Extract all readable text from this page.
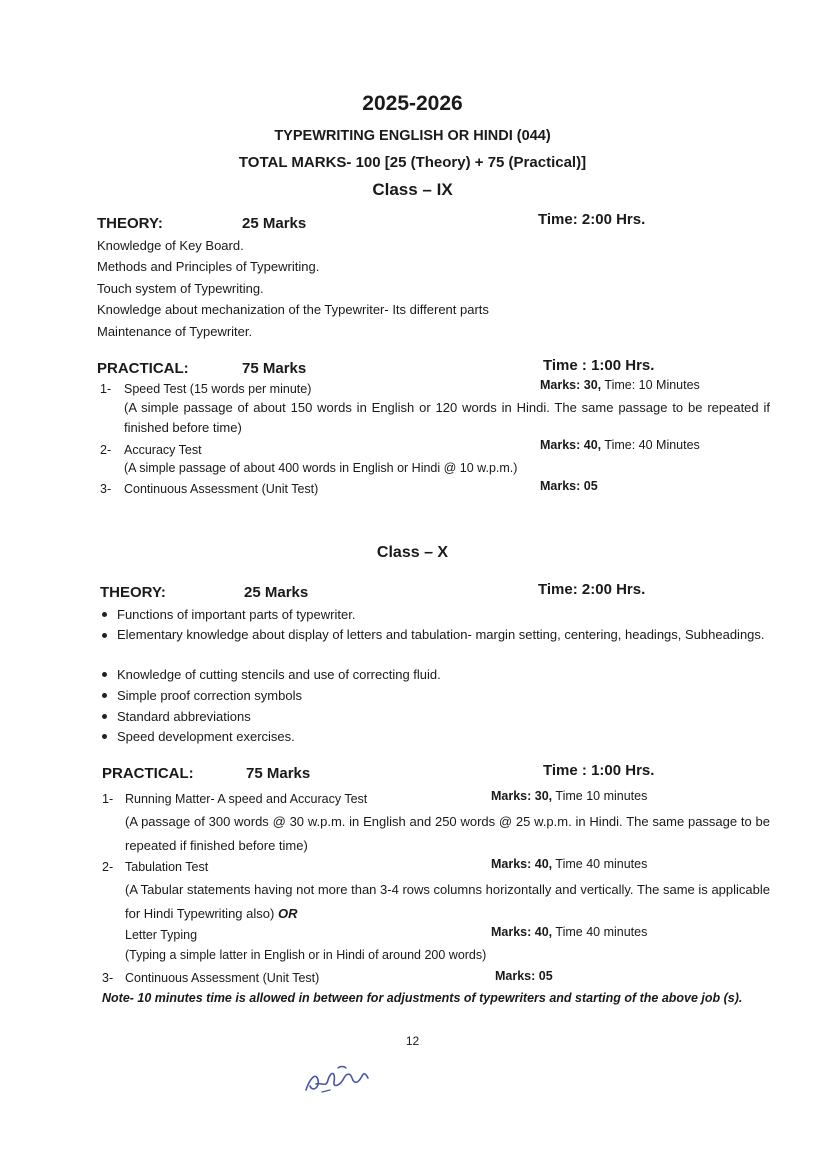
2025-2026
TYPEWRITING ENGLISH OR HINDI (044)
TOTAL MARKS- 100 [25 (Theory) + 75 (Practical)]
Class – IX
THEORY:	25 Marks	Time: 2:00 Hrs.
Knowledge of Key Board.
Methods and Principles of Typewriting.
Touch system of Typewriting.
Knowledge about mechanization of the Typewriter- Its different parts
Maintenance of Typewriter.
PRACTICAL:	75 Marks	Time : 1:00 Hrs.
1- Speed Test (15 words per minute)	Marks: 30, Time: 10 Minutes
(A simple passage of about 150 words in English or 120 words in Hindi. The same passage to be repeated if finished before time)
2- Accuracy Test	Marks: 40, Time: 40 Minutes
(A simple passage of about 400 words in English or Hindi @ 10 w.p.m.)
3- Continuous Assessment (Unit Test)	Marks: 05
Class – X
THEORY:	25 Marks	Time: 2:00 Hrs.
Functions of important parts of typewriter.
Elementary knowledge about display of letters and tabulation- margin setting, centering, headings, Subheadings.
Knowledge of cutting stencils and use of correcting fluid.
Simple proof correction symbols
Standard abbreviations
Speed development exercises.
PRACTICAL:	75 Marks	Time : 1:00 Hrs.
1- Running Matter- A speed and Accuracy Test	Marks: 30, Time 10 minutes
(A passage of 300 words @ 30 w.p.m. in English and 250 words @ 25 w.p.m. in Hindi. The same passage to be repeated if finished before time)
2- Tabulation Test	Marks: 40, Time 40 minutes
(A Tabular statements having not more than 3-4 rows columns horizontally and vertically. The same is applicable for Hindi Typewriting also) OR
Letter Typing	Marks: 40, Time 40 minutes
(Typing a simple latter in English or in Hindi of around 200 words)
3- Continuous Assessment (Unit Test)	Marks: 05
Note- 10 minutes time is allowed in between for adjustments of typewriters and starting of the above job (s).
12
